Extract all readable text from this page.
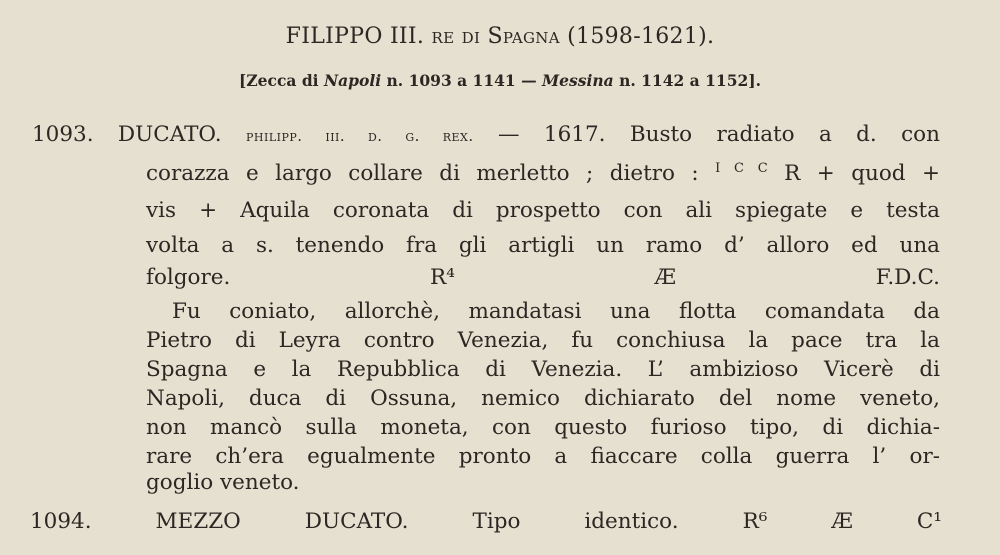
FILIPPO III. re di Spagna (1598-1621).
[Zecca di Napoli n. 1093 a 1141 — Messina n. 1142 a 1152].
1093. DUCATO. philipp. iii. d. g. rex. — 1617. Busto radiato a d. con
corazza e largo collare di merletto ; dietro : $^{I C C}$ R + quod +
vis + Aquila coronata di prospetto con ali spiegate e testa
volta a s. tenendo fra gli artigli un ramo d’ alloro ed una
folgore.	R⁴ Æ F.D.C.
Fu coniato, allorchè, mandatasi una flotta comandata da
Pietro di Leyra contro Venezia, fu conchiusa la pace tra la
Spagna e la Repubblica di Venezia. L’ ambizioso Vicerè di
Napoli, duca di Ossuna, nemico dichiarato del nome veneto,
non mancò sulla moneta, con questo furioso tipo, di dichia-
rare ch’era egualmente pronto a fiaccare colla guerra l’ or-
goglio veneto.
1094. MEZZO DUCATO. Tipo identico.	R⁶ Æ C¹
